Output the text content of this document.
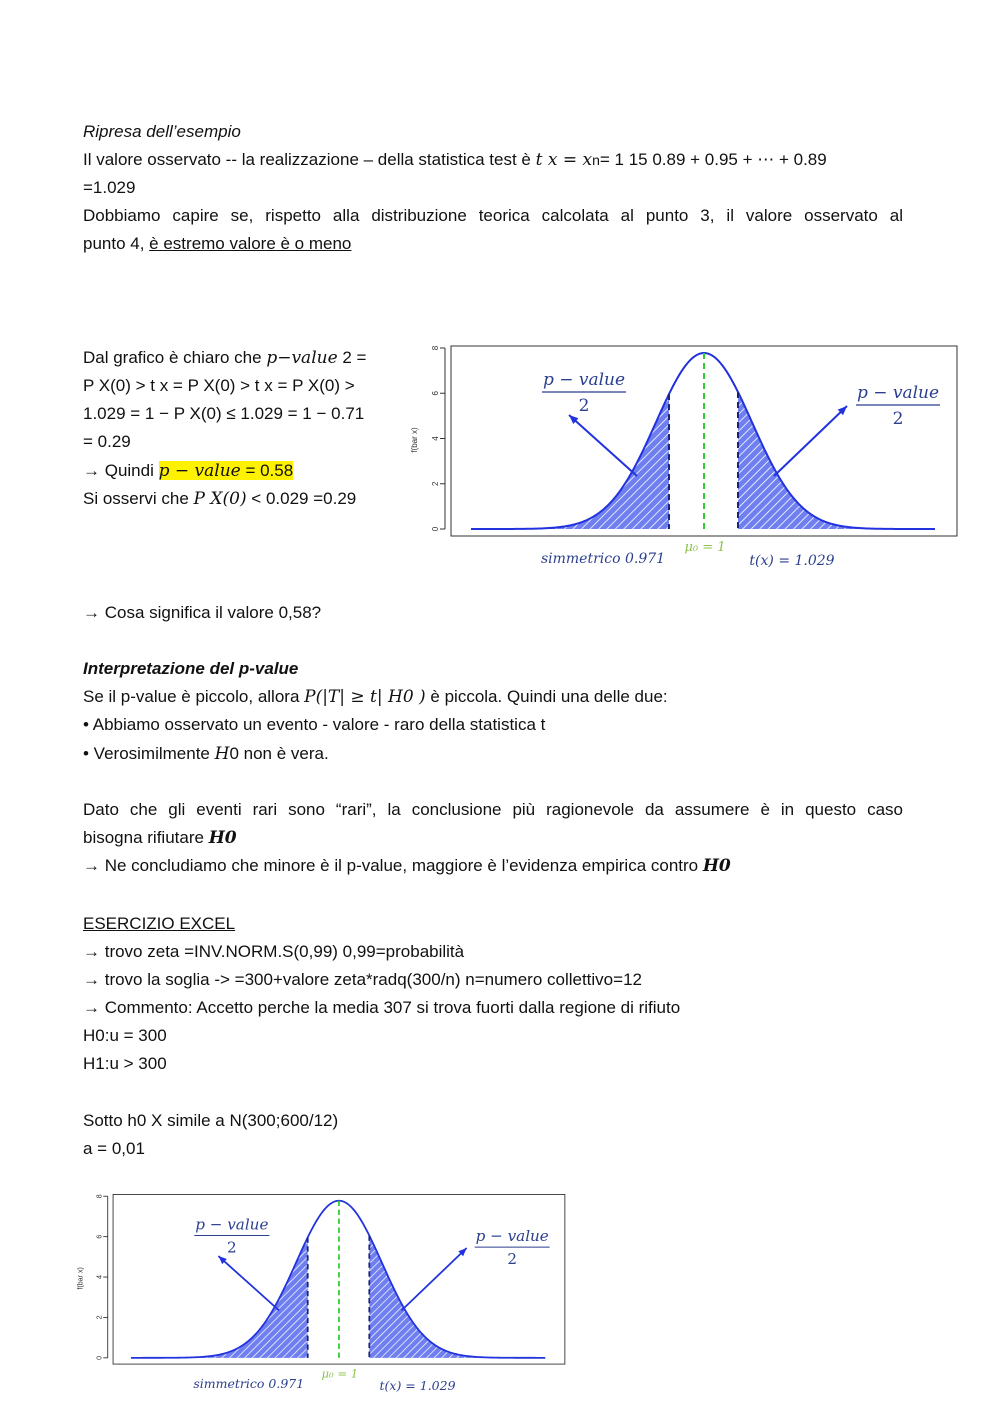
Ripresa dell’esempio
Il valore osservato -- la realizzazione – della statistica test è t x = xn= 1 15 0.89 + 0.95 + ⋯ + 0.89
=1.029
Dobbiamo capire se, rispetto alla distribuzione teorica calcolata al punto 3, il valore osservato al
punto 4, è estremo valore è o meno
Dal grafico è chiaro che p−value 2 =
P X(0) > t x = P X(0) > t x = P X(0) >
1.029 = 1 − P X(0) ≤ 1.029 = 1 − 0.71
= 0.29
→ Quindi p − value = 0.58
Si osservi che P X(0) < 0.029 =0.29
0
2
4
6
8
f(bar x)
p − value
2
p − value
2
μ₀ = 1
simmetrico 0.971	t(x) = 1.029
→ Cosa significa il valore 0,58?
Interpretazione del p-value
Se il p-value è piccolo, allora P(|T| ≥ t| H0 ) è piccola. Quindi una delle due:
• Abbiamo osservato un evento - valore - raro della statistica t
• Verosimilmente H0 non è vera.
Dato che gli eventi rari sono “rari”, la conclusione più ragionevole da assumere è in questo caso
bisogna rifiutare H0
→ Ne concludiamo che minore è il p-value, maggiore è l’evidenza empirica contro H0
ESERCIZIO EXCEL
→ trovo zeta =INV.NORM.S(0,99) 0,99=probabilità
→ trovo la soglia -> =300+valore zeta*radq(300/n) n=numero collettivo=12
→ Commento: Accetto perche la media 307 si trova fuorti dalla regione di rifiuto
H0:u = 300
H1:u > 300
Sotto h0 X simile a N(300;600/12)
a = 0,01
0
2
4
6
8
f(bar x)
p − value
2
p − value
2
μ₀ = 1
simmetrico 0.971	t(x) = 1.029
